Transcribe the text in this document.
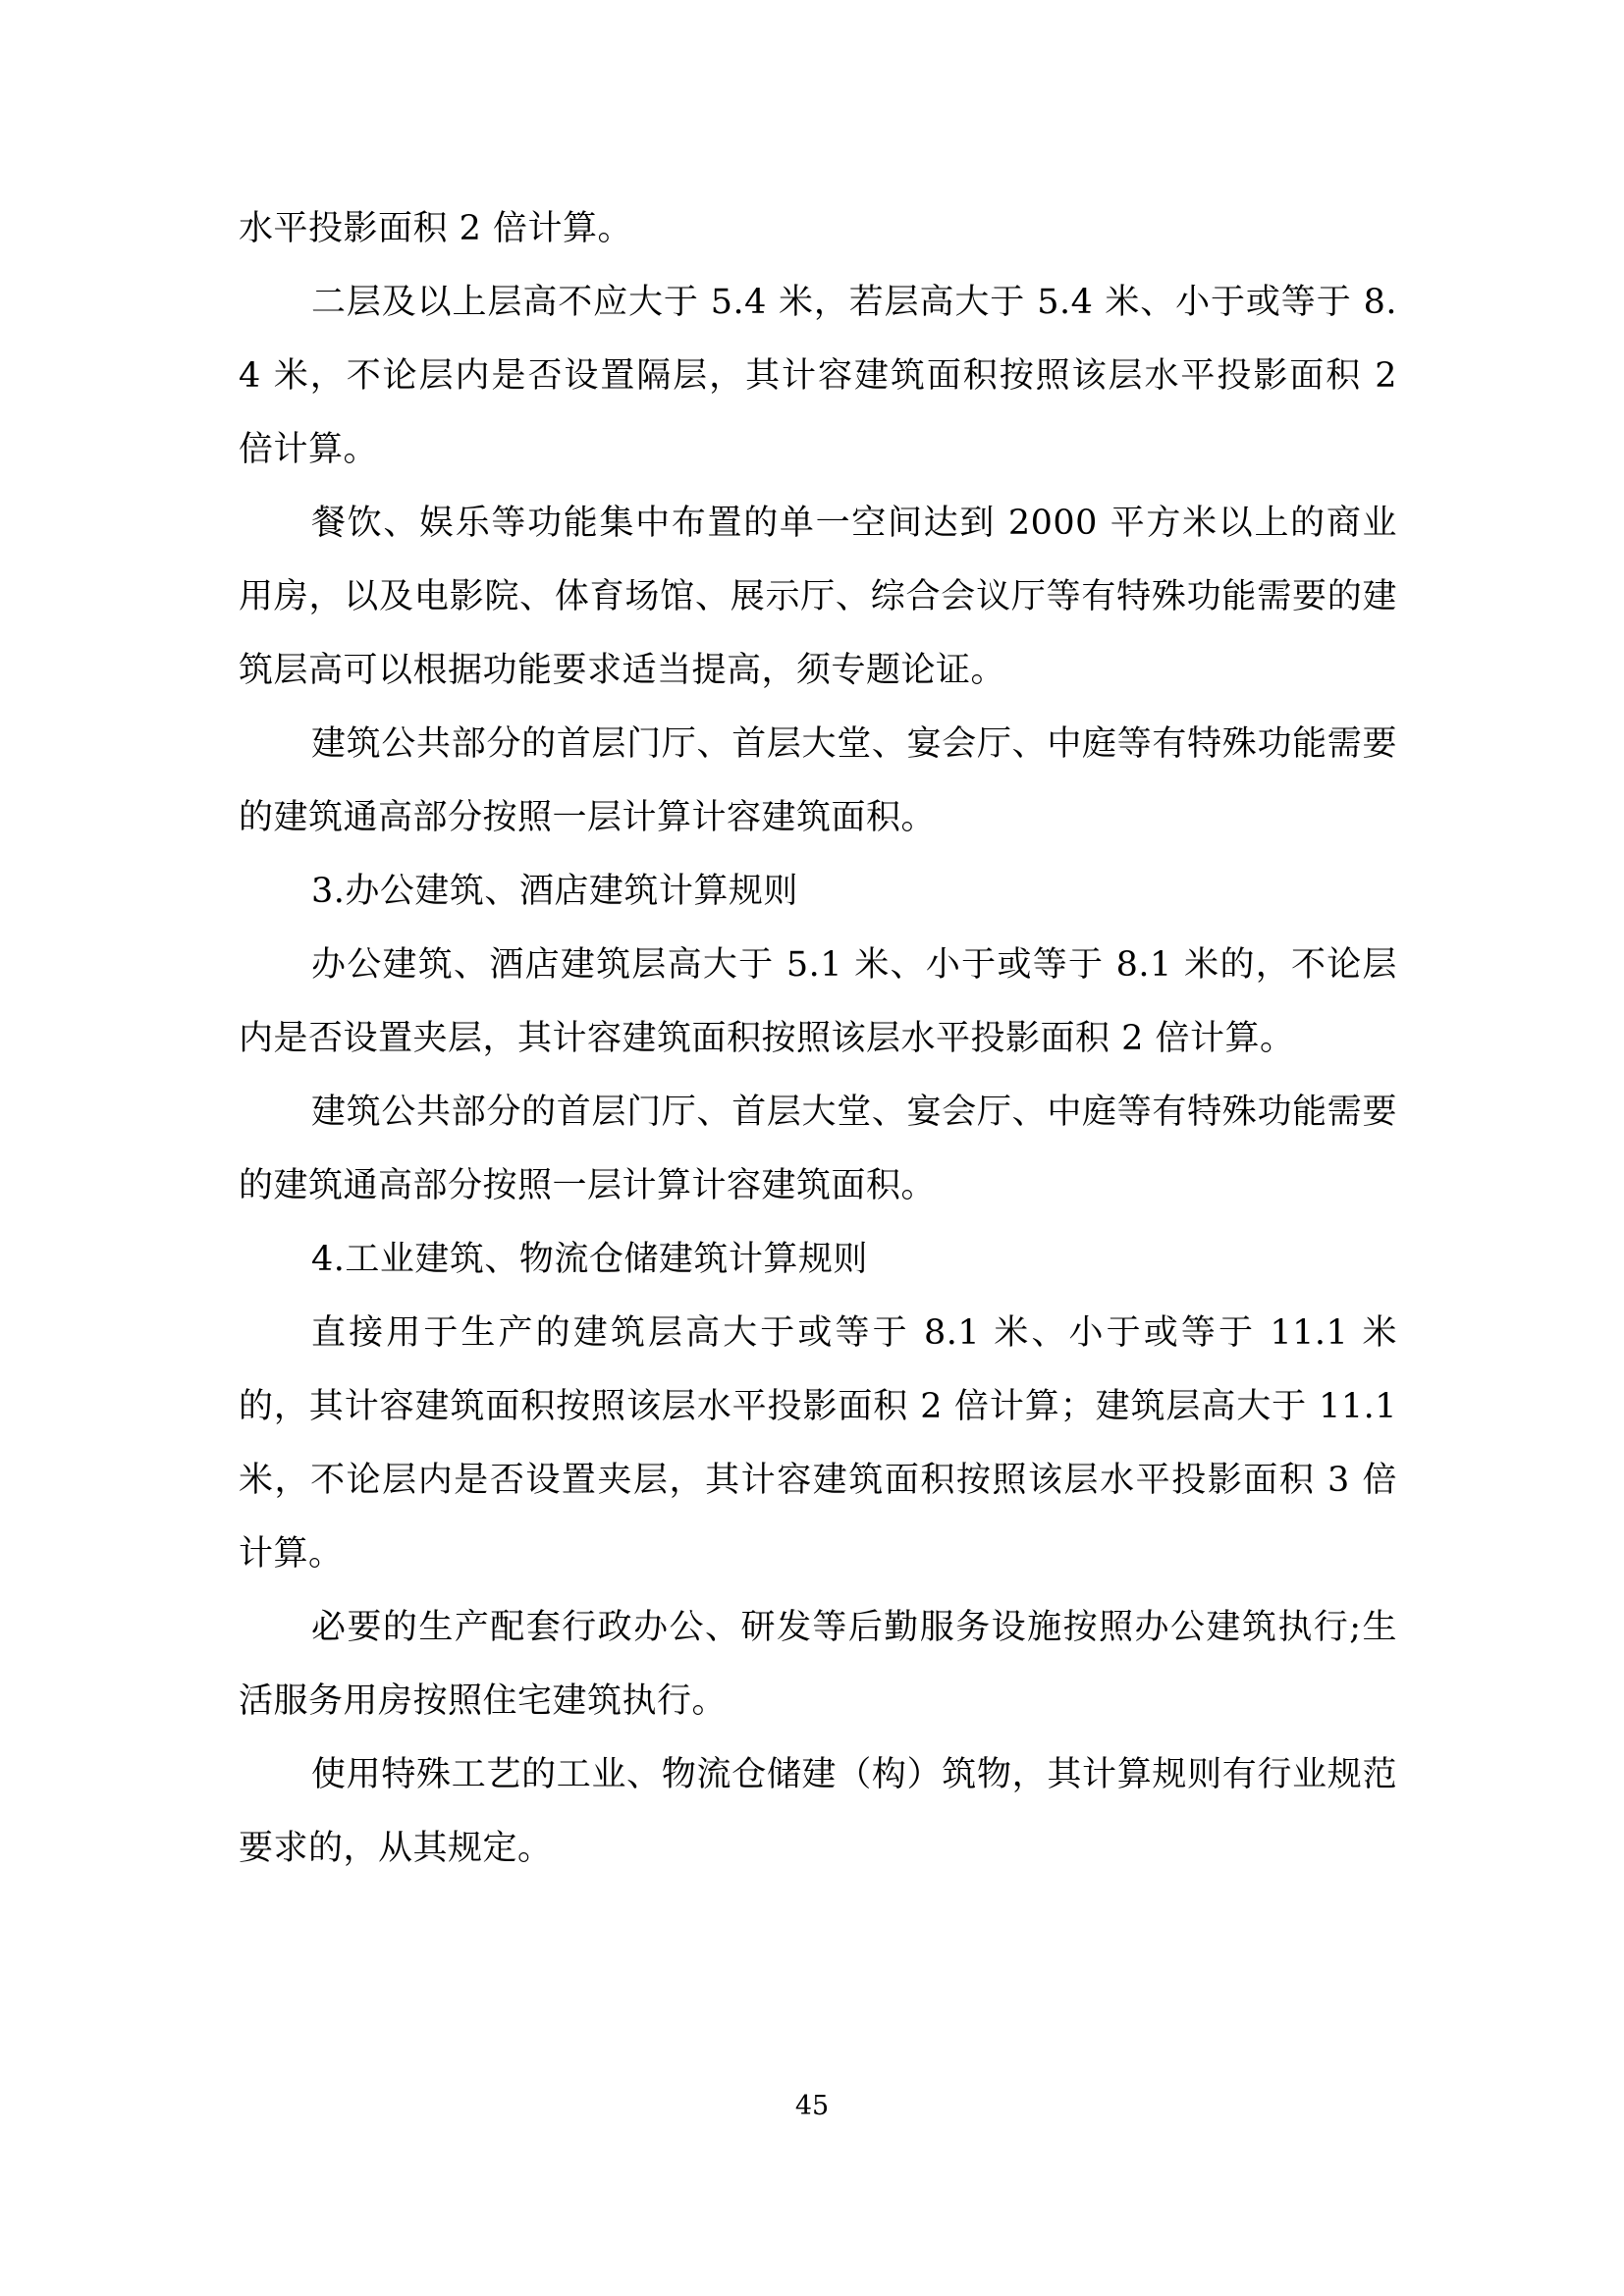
水平投影面积 2 倍计算。

二层及以上层高不应大于 5.4 米，若层高大于 5.4 米、小于或等于 8.4 米，不论层内是否设置隔层，其计容建筑面积按照该层水平投影面积 2 倍计算。

餐饮、娱乐等功能集中布置的单一空间达到 2000 平方米以上的商业用房，以及电影院、体育场馆、展示厅、综合会议厅等有特殊功能需要的建筑层高可以根据功能要求适当提高，须专题论证。

建筑公共部分的首层门厅、首层大堂、宴会厅、中庭等有特殊功能需要的建筑通高部分按照一层计算计容建筑面积。

3.办公建筑、酒店建筑计算规则

办公建筑、酒店建筑层高大于 5.1 米、小于或等于 8.1 米的，不论层内是否设置夹层，其计容建筑面积按照该层水平投影面积 2 倍计算。

建筑公共部分的首层门厅、首层大堂、宴会厅、中庭等有特殊功能需要的建筑通高部分按照一层计算计容建筑面积。

4.工业建筑、物流仓储建筑计算规则

直接用于生产的建筑层高大于或等于 8.1 米、小于或等于 11.1 米的，其计容建筑面积按照该层水平投影面积 2 倍计算；建筑层高大于 11.1 米，不论层内是否设置夹层，其计容建筑面积按照该层水平投影面积 3 倍计算。

必要的生产配套行政办公、研发等后勤服务设施按照办公建筑执行;生活服务用房按照住宅建筑执行。

使用特殊工艺的工业、物流仓储建（构）筑物，其计算规则有行业规范要求的，从其规定。

45
